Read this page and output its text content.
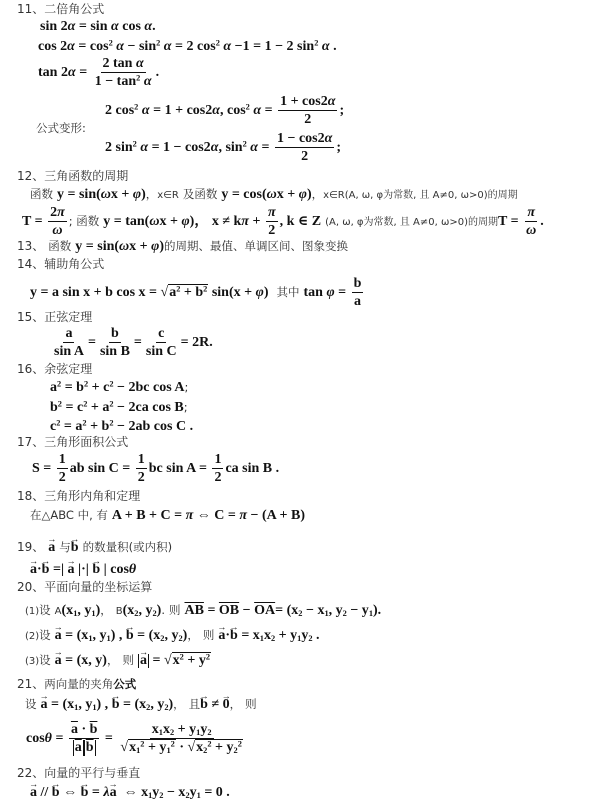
11、二倍角公式
sin 2α = sin α cos α.
$\cos 2\alpha = \cos^2 \alpha - \sin^2 \alpha = 2$ $\cos^2 \alpha -1 = 1 - 2$ $\sin^2 \alpha$ .
$\tan 2\alpha = \frac{\text{2 tan α}}{1 - \tan^2 \alpha}$ .
2 $\cos^2 \alpha = 1 + \cos 2\alpha$, $\cos^2 \alpha = \frac{1 + \cos 2\alpha}{2}$ ;
公式变形:
2 $\sin^2 \alpha = 1 - \cos 2\alpha$, $\sin^2 \alpha = \frac{1 - \cos 2\alpha}{2}$ ;
12、三角函数的周期
函数 y = sin(ωx + φ)，x∈R 及函数 y = cos(ωx + φ)，x∈R(A, ω, φ为常数, 且 A≠0, ω>0)的周期
$T = \frac{2\pi}{\omega}$ ; 函数 y = tan(ωx + φ)， $x \ne k\pi + \frac{\pi}{2}$ , k ∈ Z (A, ω, φ为常数, 且 A≠0, ω>0)的周期$T = \frac{\pi}{\omega}$ .
13、 函数 y = sin(ωx + φ)的周期、最值、单调区间、图象变换
14、辅助角公式
y = a sin x + b $\cos x = √a^2 + b^2$ sin(x + φ) 其中 $\tan \varphi = \frac{b}{a}$
15、正弦定理
$\frac{a}{\text{sin A}} = \frac{b}{\text{sin B}} = \frac{c}{\text{sin C}} = 2R$.
16、余弦定理
$a^2 = b^2 + c^2 - 2bc$ cos A;
$b^2 = c^2 + a^2 - 2ca$ cos B;
$c^2 = a^2 + b^2 - 2ab$ cos C .
17、三角形面积公式
$S = \frac{1}{2}$ ab $\sin C = \frac{1}{2}$ bc $\sin A = \frac{1}{2}$ ca sin B .
18、三角形内角和定理
在△ABC 中, 有 A + B + C = π ⇔ C = π − (A + B)
19、 → a 与→ b 的数量积(或内积)
→ a·→ b =| → a |·| → b | cosθ
20、平面向量的坐标运算
(1)设 $A(x_1$, $y_1$)， $B(x_2$, $y_2$). 则 $\overline{AB} = \overline{OB} - \overline{OA}= (x_2 - x_1$, $y_2 - y_1$).
(2)设 → $a = (x_1$, $y_1$) , → $b = (x_2$, $y_2$)， 则 → $a\cdot\to b = x_1x_2 + y_1y_2$ .
(3)设 → a = (x, y)， 则 → $a = √x^2 + y^2$
21、两向量的夹角公式
设 → $a = (x_1$, $y_1$) , → $b = (x_2$, $y_2$)， 且→ b ≠ → 0， 则
$\cos\theta = \frac{\overline{a} \cdot \overline{b}}{\overline{a} \overline{b}} = \frac{x_1x_2 + y_1y_2}{√x_1^2 + y_1^2 \cdot √x_2^2 + y_2^2}$
22、向量的平行与垂直
→ a // → b ⇔ → b = λ→ a  ⇔ $x_1y_2 - x_2y_1 = 0$ .
